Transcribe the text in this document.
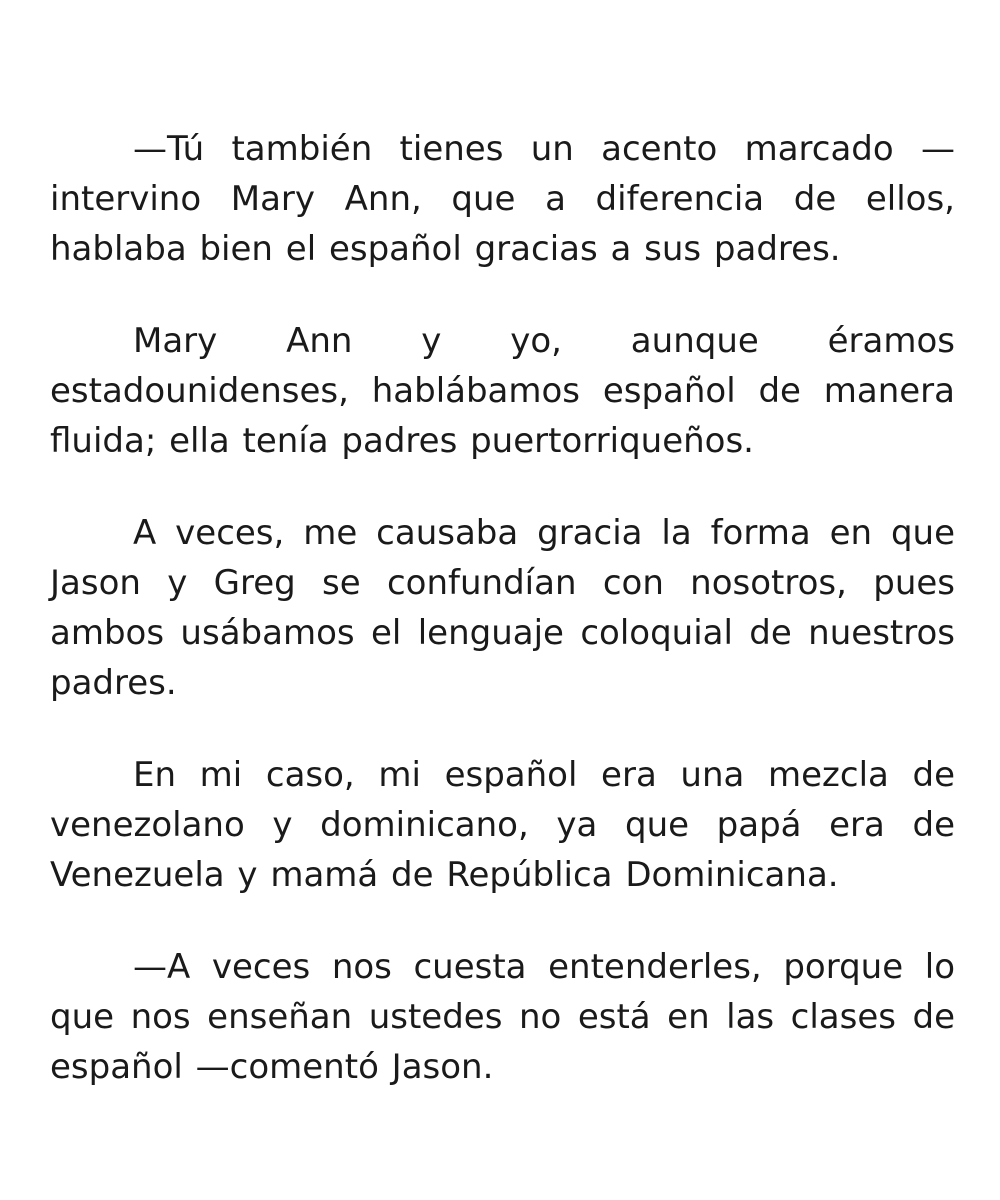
—Tú también tienes un acento marcado —intervino Mary Ann, que a diferencia de ellos, hablaba bien el español gracias a sus padres.

Mary Ann y yo, aunque éramos estadounidenses, hablábamos español de manera fluida; ella tenía padres puertorriqueños.

A veces, me causaba gracia la forma en que Jason y Greg se confundían con nosotros, pues ambos usábamos el lenguaje coloquial de nuestros padres.

En mi caso, mi español era una mezcla de venezolano y dominicano, ya que papá era de Venezuela y mamá de República Dominicana.

—A veces nos cuesta entenderles, porque lo que nos enseñan ustedes no está en las clases de español —comentó Jason.
